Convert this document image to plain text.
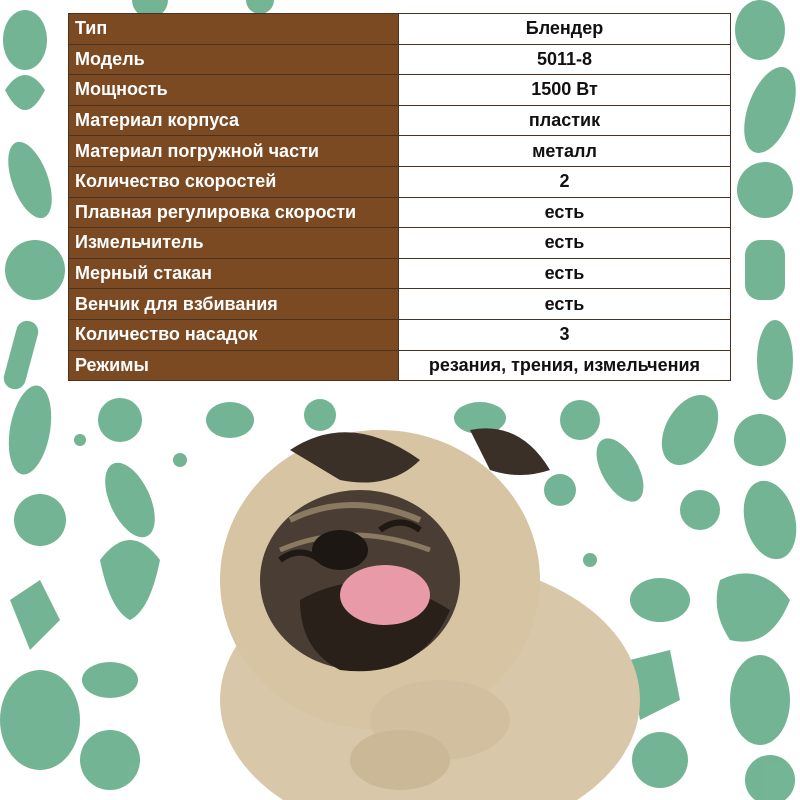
Тип	Блендер
Модель	5011-8
Мощность	1500 Вт
Материал корпуса	пластик
Материал погружной части	металл
Количество скоростей	2
Плавная регулировка скорости	есть
Измельчитель	есть
Мерный стакан	есть
Венчик для взбивания	есть
Количество насадок	3
Режимы	резания, трения, измельчения
